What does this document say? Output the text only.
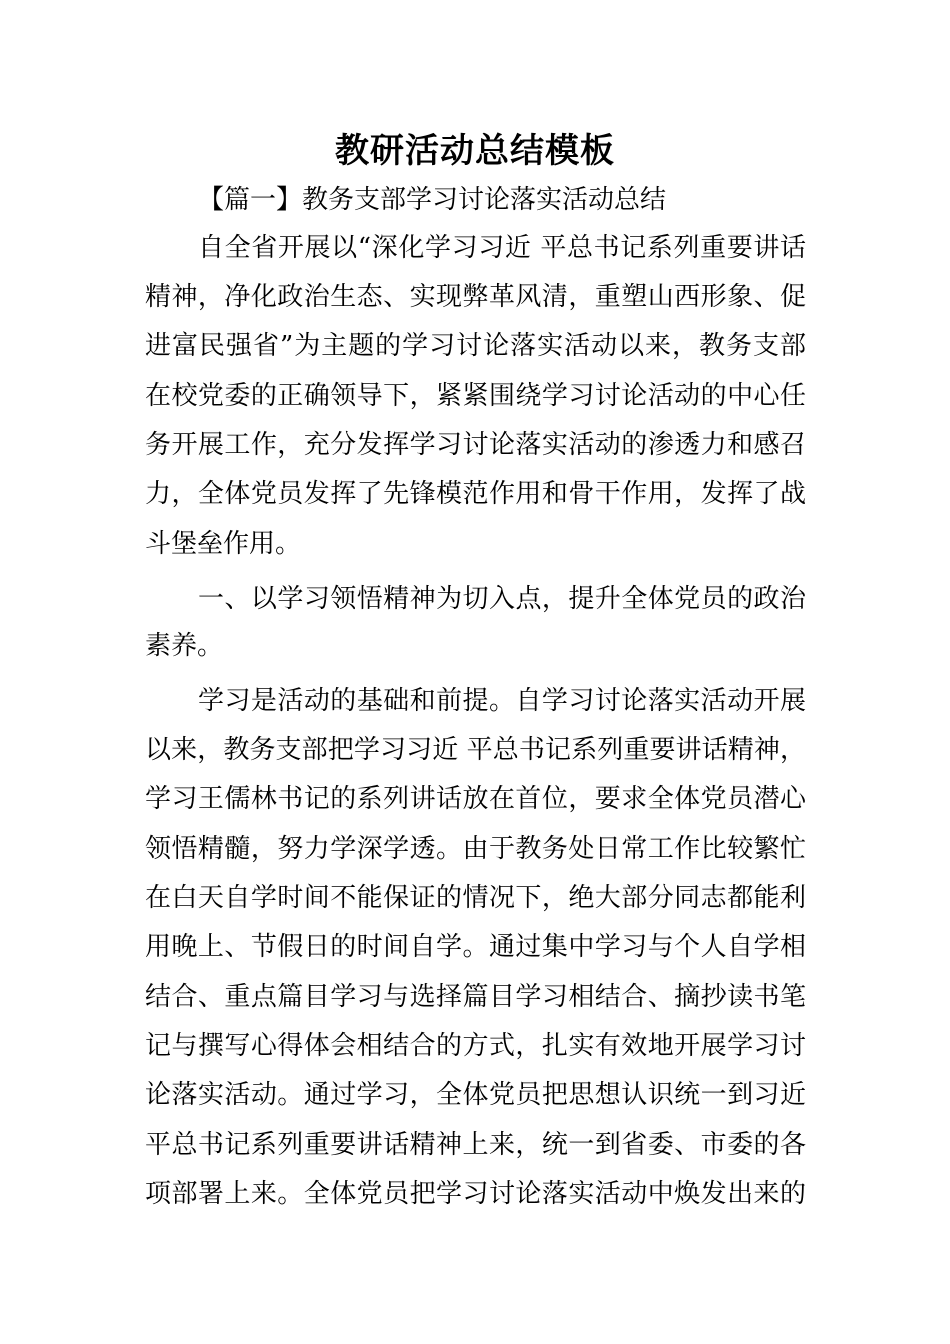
教研活动总结模板
【篇一】教务支部学习讨论落实活动总结
自全省开展以“深化学习习近 平总书记系列重要讲话
精神，净化政治生态、实现弊革风清，重塑山西形象、促
进富民强省”为主题的学习讨论落实活动以来，教务支部
在校党委的正确领导下，紧紧围绕学习讨论活动的中心任
务开展工作，充分发挥学习讨论落实活动的渗透力和感召
力，全体党员发挥了先锋模范作用和骨干作用，发挥了战
斗堡垒作用。
一、以学习领悟精神为切入点，提升全体党员的政治
素养。
学习是活动的基础和前提。自学习讨论落实活动开展
以来，教务支部把学习习近 平总书记系列重要讲话精神，
学习王儒林书记的系列讲话放在首位，要求全体党员潜心
领悟精髓，努力学深学透。由于教务处日常工作比较繁忙
在白天自学时间不能保证的情况下，绝大部分同志都能利
用晚上、节假日的时间自学。通过集中学习与个人自学相
结合、重点篇目学习与选择篇目学习相结合、摘抄读书笔
记与撰写心得体会相结合的方式，扎实有效地开展学习讨
论落实活动。通过学习，全体党员把思想认识统一到习近
平总书记系列重要讲话精神上来，统一到省委、市委的各
项部署上来。全体党员把学习讨论落实活动中焕发出来的
